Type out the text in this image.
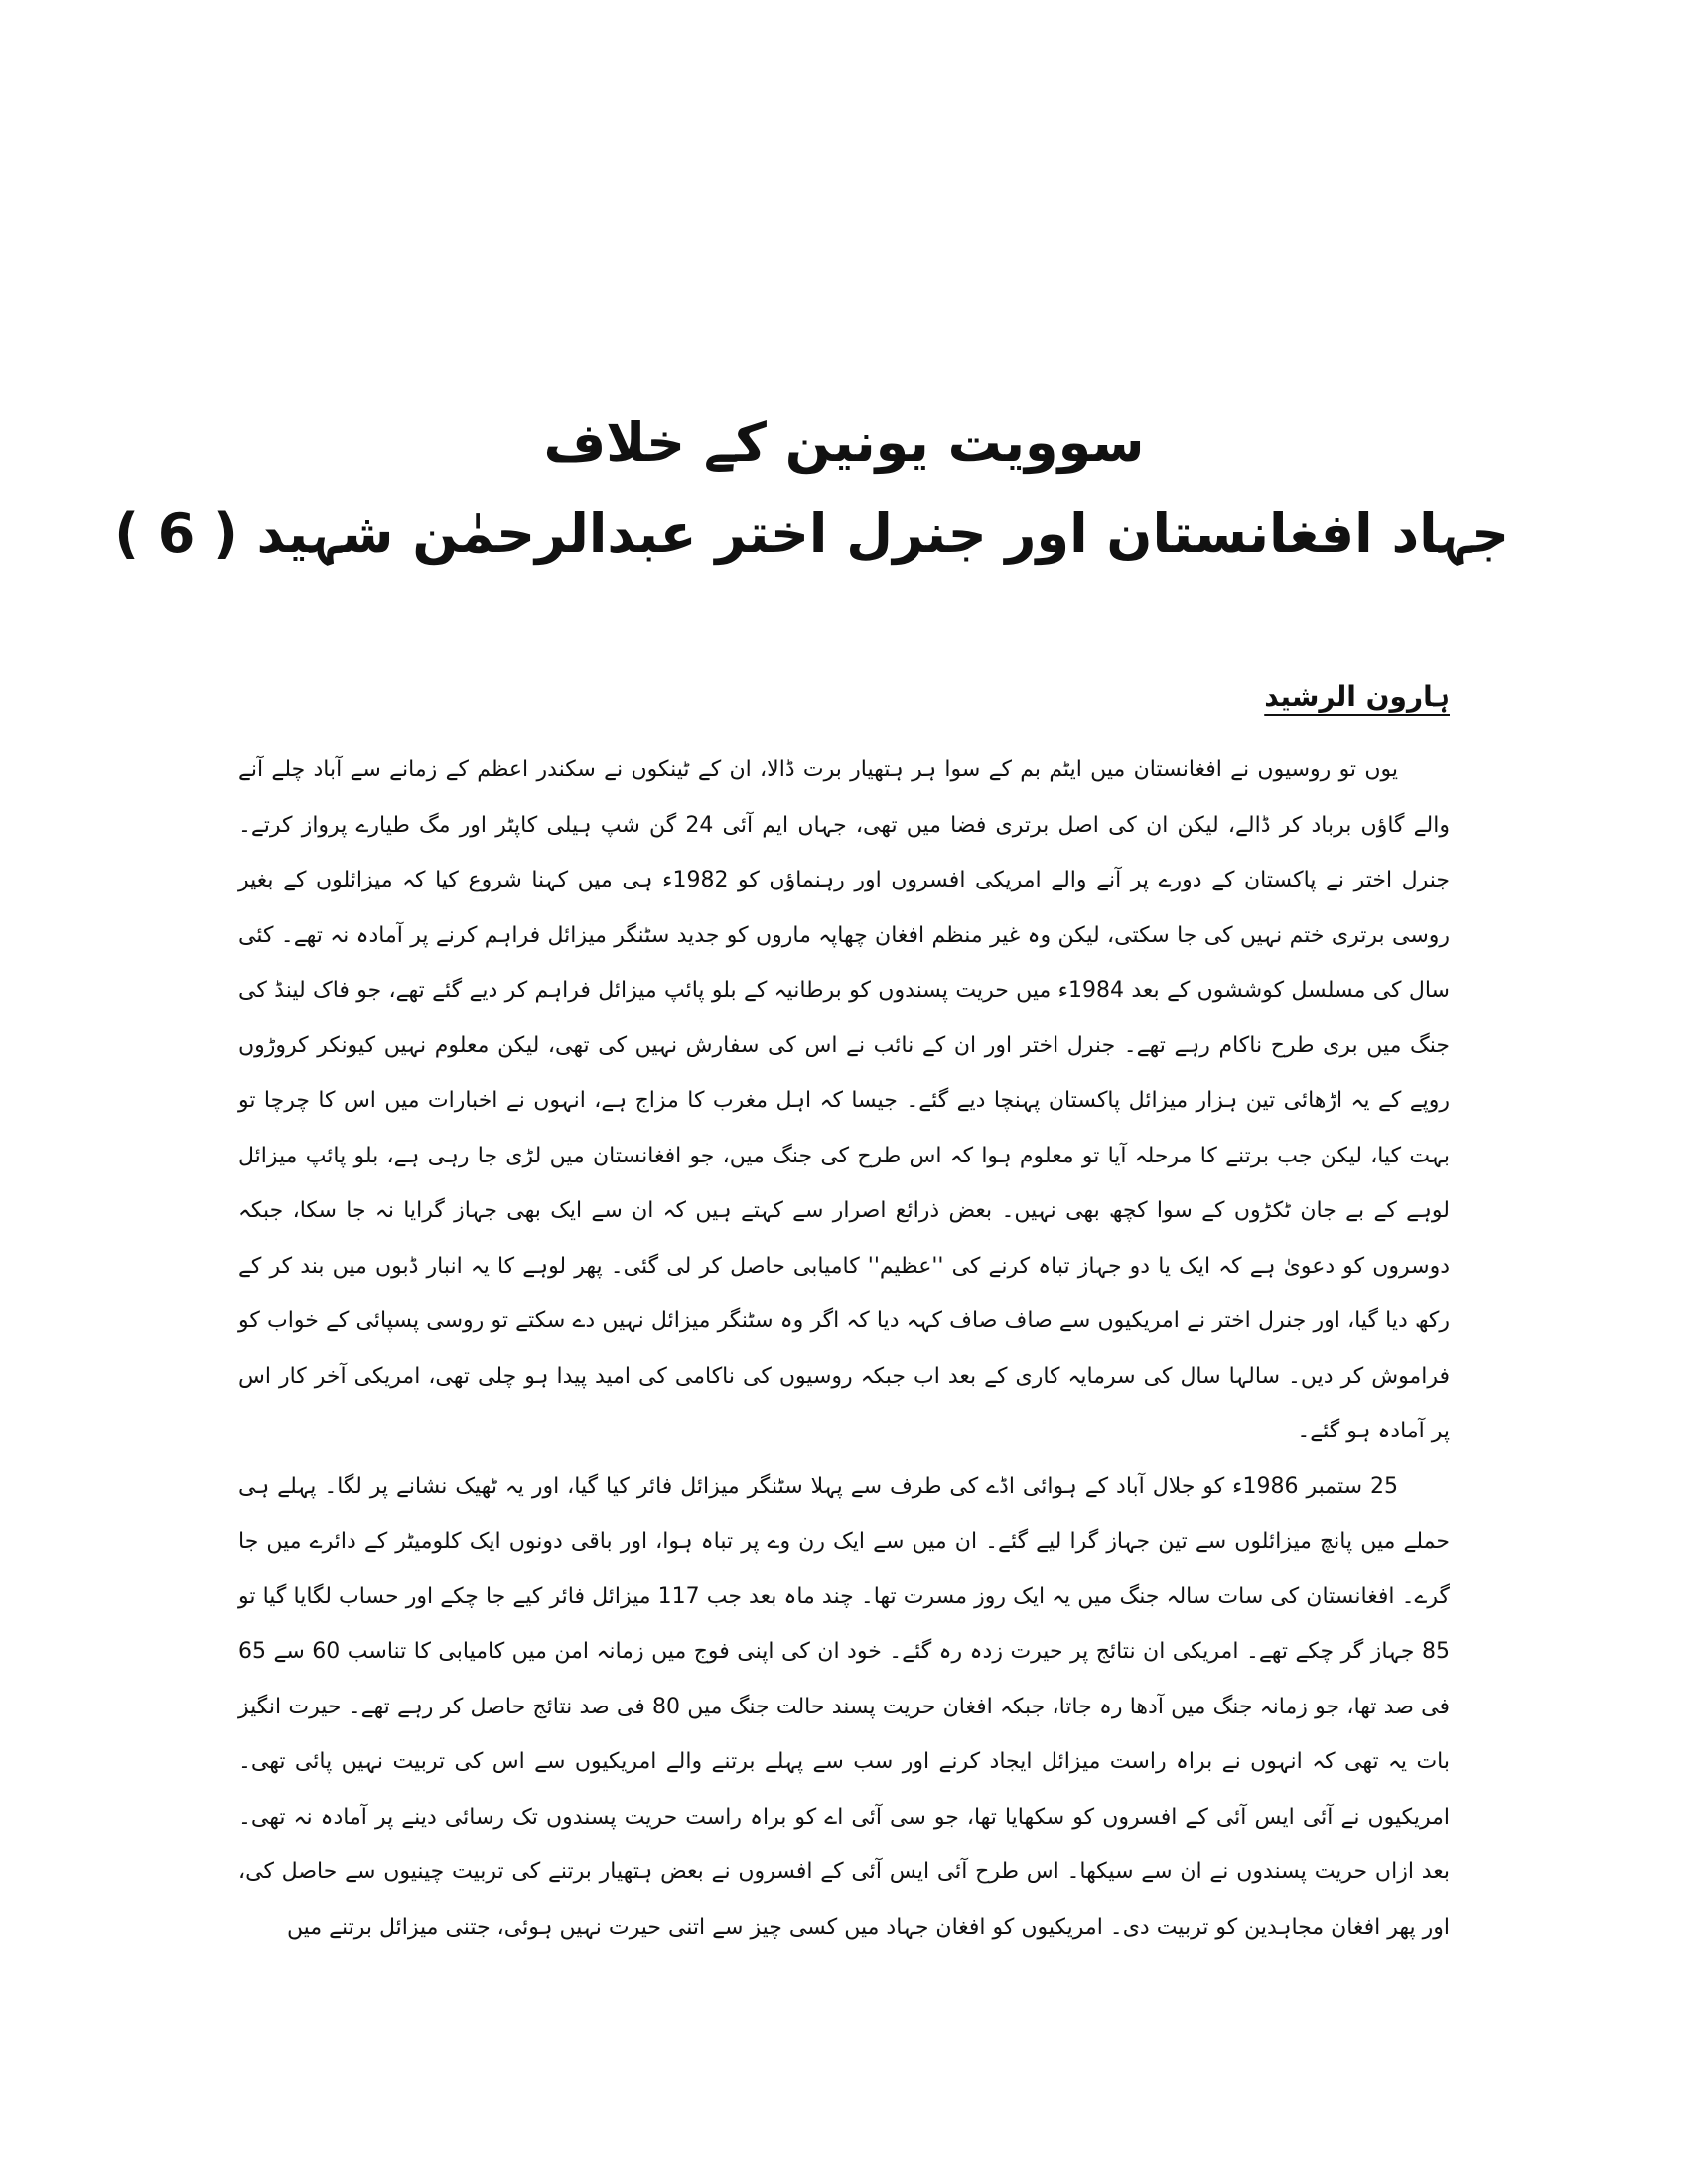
سوویت یونین کے خلاف
جہاد افغانستان اور جنرل اختر عبدالرحمٰن شہید ( 6 )
ہارون الرشید

یوں تو روسیوں نے افغانستان میں ایٹم بم کے سوا ہر ہتھیار برت ڈالا، ان کے ٹینکوں نے سکندر اعظم کے زمانے سے آباد چلے آنے والے گاؤں برباد کر ڈالے، لیکن ان کی اصل برتری فضا میں تھی، جہاں ایم آئی 24 گن شپ ہیلی کاپٹر اور مگ طیارے پرواز کرتے۔ جنرل اختر نے پاکستان کے دورے پر آنے والے امریکی افسروں اور رہنماؤں کو 1982ء ہی میں کہنا شروع کیا کہ میزائلوں کے بغیر روسی برتری ختم نہیں کی جا سکتی، لیکن وہ غیر منظم افغان چھاپہ ماروں کو جدید سٹنگر میزائل فراہم کرنے پر آمادہ نہ تھے۔ کئی سال کی مسلسل کوششوں کے بعد 1984ء میں حریت پسندوں کو برطانیہ کے بلو پائپ میزائل فراہم کر دیے گئے تھے، جو فاک لینڈ کی جنگ میں بری طرح ناکام رہے تھے۔ جنرل اختر اور ان کے نائب نے اس کی سفارش نہیں کی تھی، لیکن معلوم نہیں کیونکر کروڑوں روپے کے یہ اڑھائی تین ہزار میزائل پاکستان پہنچا دیے گئے۔ جیسا کہ اہل مغرب کا مزاج ہے، انہوں نے اخبارات میں اس کا چرچا تو بہت کیا، لیکن جب برتنے کا مرحلہ آیا تو معلوم ہوا کہ اس طرح کی جنگ میں، جو افغانستان میں لڑی جا رہی ہے، بلو پائپ میزائل لوہے کے بے جان ٹکڑوں کے سوا کچھ بھی نہیں۔ بعض ذرائع اصرار سے کہتے ہیں کہ ان سے ایک بھی جہاز گرایا نہ جا سکا، جبکہ دوسروں کو دعویٰ ہے کہ ایک یا دو جہاز تباہ کرنے کی ''عظیم'' کامیابی حاصل کر لی گئی۔ پھر لوہے کا یہ انبار ڈبوں میں بند کر کے رکھ دیا گیا، اور جنرل اختر نے امریکیوں سے صاف صاف کہہ دیا کہ اگر وہ سٹنگر میزائل نہیں دے سکتے تو روسی پسپائی کے خواب کو فراموش کر دیں۔ سالہا سال کی سرمایہ کاری کے بعد اب جبکہ روسیوں کی ناکامی کی امید پیدا ہو چلی تھی، امریکی آخر کار اس پر آمادہ ہو گئے۔

25 ستمبر 1986ء کو جلال آباد کے ہوائی اڈے کی طرف سے پہلا سٹنگر میزائل فائر کیا گیا، اور یہ ٹھیک نشانے پر لگا۔ پہلے ہی حملے میں پانچ میزائلوں سے تین جہاز گرا لیے گئے۔ ان میں سے ایک رن وے پر تباہ ہوا، اور باقی دونوں ایک کلومیٹر کے دائرے میں جا گرے۔ افغانستان کی سات سالہ جنگ میں یہ ایک روز مسرت تھا۔ چند ماہ بعد جب 117 میزائل فائر کیے جا چکے اور حساب لگایا گیا تو 85 جہاز گر چکے تھے۔ امریکی ان نتائج پر حیرت زدہ رہ گئے۔ خود ان کی اپنی فوج میں زمانہ امن میں کامیابی کا تناسب 60 سے 65 فی صد تھا، جو زمانہ جنگ میں آدھا رہ جاتا، جبکہ افغان حریت پسند حالت جنگ میں 80 فی صد نتائج حاصل کر رہے تھے۔ حیرت انگیز بات یہ تھی کہ انہوں نے براہ راست میزائل ایجاد کرنے اور سب سے پہلے برتنے والے امریکیوں سے اس کی تربیت نہیں پائی تھی۔ امریکیوں نے آئی ایس آئی کے افسروں کو سکھایا تھا، جو سی آئی اے کو براہ راست حریت پسندوں تک رسائی دینے پر آمادہ نہ تھی۔ بعد ازاں حریت پسندوں نے ان سے سیکھا۔ اس طرح آئی ایس آئی کے افسروں نے بعض ہتھیار برتنے کی تربیت چینیوں سے حاصل کی، اور پھر افغان مجاہدین کو تربیت دی۔ امریکیوں کو افغان جہاد میں کسی چیز سے اتنی حیرت نہیں ہوئی، جتنی میزائل برتنے میں
